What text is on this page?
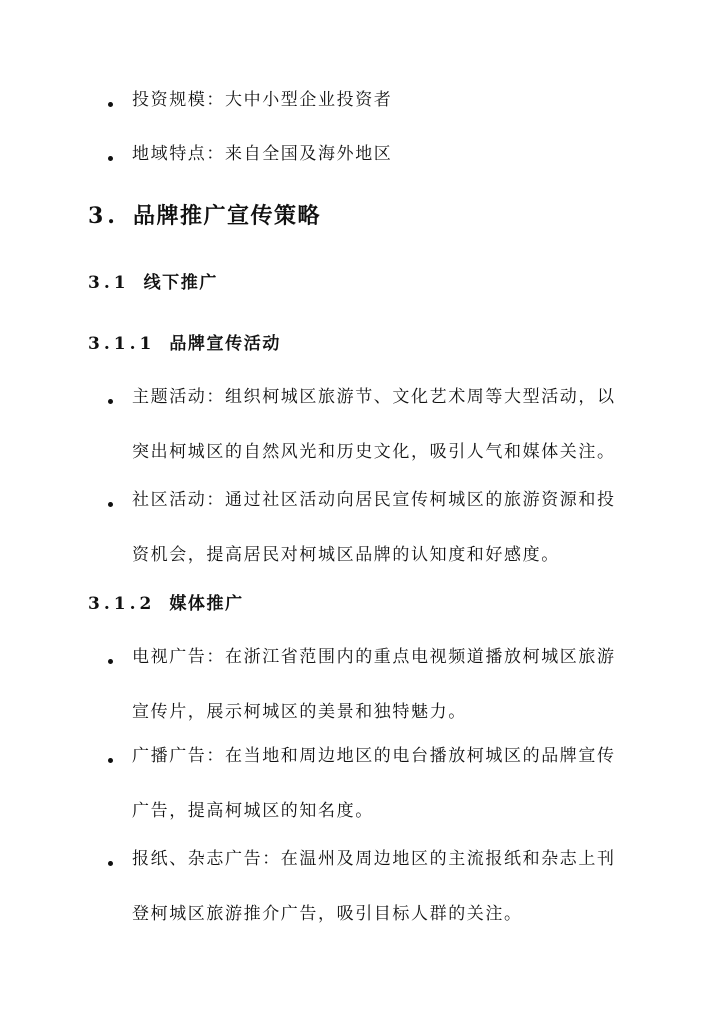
投资规模：大中小型企业投资者
地域特点：来自全国及海外地区
3. 品牌推广宣传策略
3.1 线下推广
3.1.1 品牌宣传活动
主题活动：组织柯城区旅游节、文化艺术周等大型活动，以突出柯城区的自然风光和历史文化，吸引人气和媒体关注。
社区活动：通过社区活动向居民宣传柯城区的旅游资源和投资机会，提高居民对柯城区品牌的认知度和好感度。
3.1.2 媒体推广
电视广告：在浙江省范围内的重点电视频道播放柯城区旅游宣传片，展示柯城区的美景和独特魅力。
广播广告：在当地和周边地区的电台播放柯城区的品牌宣传广告，提高柯城区的知名度。
报纸、杂志广告：在温州及周边地区的主流报纸和杂志上刊登柯城区旅游推介广告，吸引目标人群的关注。
